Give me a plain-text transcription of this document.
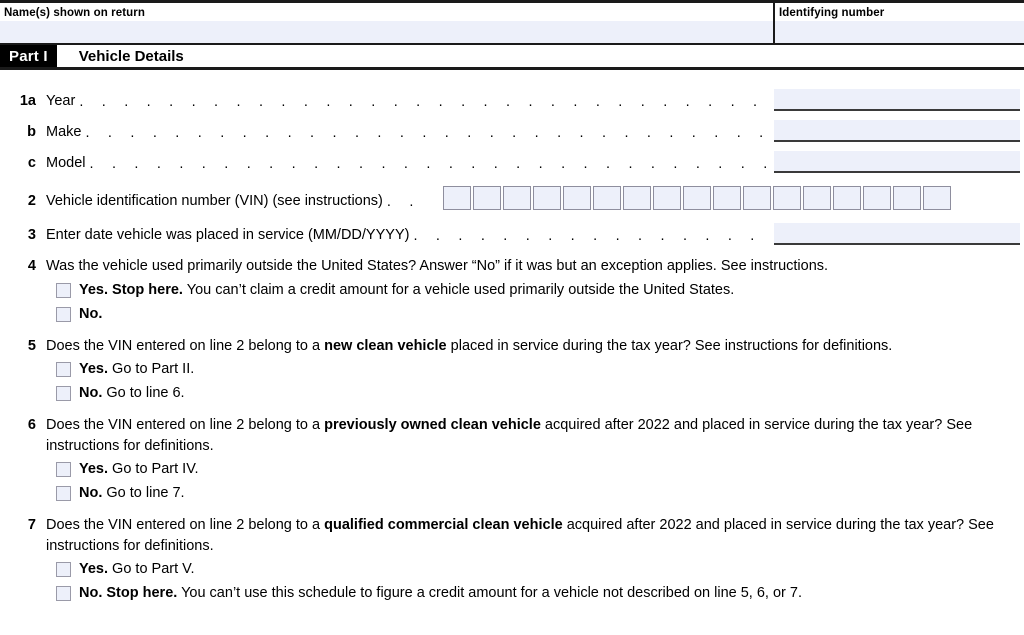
Name(s) shown on return	Identifying number
Part I	Vehicle Details
1a Year
. . .
b Make
. . .
c Model
. . .
2 Vehicle identification number (VIN) (see instructions)
. . .
3 Enter date vehicle was placed in service (MM/DD/YYYY)
. . .
4 Was the vehicle used primarily outside the United States? Answer “No” if it was but an exception applies. See instructions.
Yes. Stop here. You can’t claim a credit amount for a vehicle used primarily outside the United States.
No.
5 Does the VIN entered on line 2 belong to a new clean vehicle placed in service during the tax year? See instructions for definitions.
Yes. Go to Part II.
No. Go to line 6.
6 Does the VIN entered on line 2 belong to a previously owned clean vehicle acquired after 2022 and placed in service during the tax year? See instructions for definitions.
Yes. Go to Part IV.
No. Go to line 7.
7 Does the VIN entered on line 2 belong to a qualified commercial clean vehicle acquired after 2022 and placed in service during the tax year? See instructions for definitions.
Yes. Go to Part V.
No. Stop here. You can’t use this schedule to figure a credit amount for a vehicle not described on line 5, 6, or 7.
